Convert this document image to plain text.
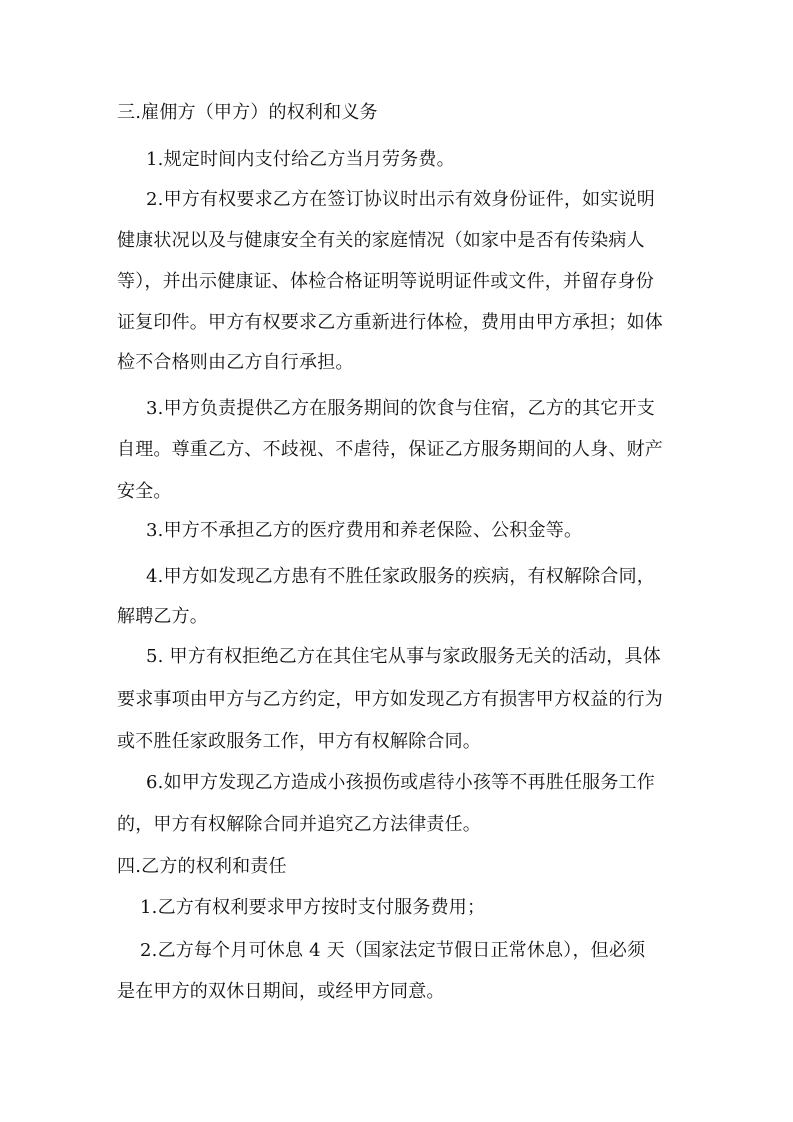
三.雇佣方（甲方）的权利和义务
1.规定时间内支付给乙方当月劳务费。
2.甲方有权要求乙方在签订协议时出示有效身份证件，如实说明
健康状况以及与健康安全有关的家庭情况（如家中是否有传染病人
等），并出示健康证、体检合格证明等说明证件或文件，并留存身份
证复印件。甲方有权要求乙方重新进行体检，费用由甲方承担；如体
检不合格则由乙方自行承担。
3.甲方负责提供乙方在服务期间的饮食与住宿，乙方的其它开支
自理。尊重乙方、不歧视、不虐待，保证乙方服务期间的人身、财产
安全。
3.甲方不承担乙方的医疗费用和养老保险、公积金等。
4.甲方如发现乙方患有不胜任家政服务的疾病，有权解除合同，
解聘乙方。
5. 甲方有权拒绝乙方在其住宅从事与家政服务无关的活动，具体
要求事项由甲方与乙方约定，甲方如发现乙方有损害甲方权益的行为
或不胜任家政服务工作，甲方有权解除合同。
6.如甲方发现乙方造成小孩损伤或虐待小孩等不再胜任服务工作
的，甲方有权解除合同并追究乙方法律责任。
四.乙方的权利和责任
1.乙方有权利要求甲方按时支付服务费用；
2.乙方每个月可休息 4 天（国家法定节假日正常休息），但必须
是在甲方的双休日期间，或经甲方同意。
